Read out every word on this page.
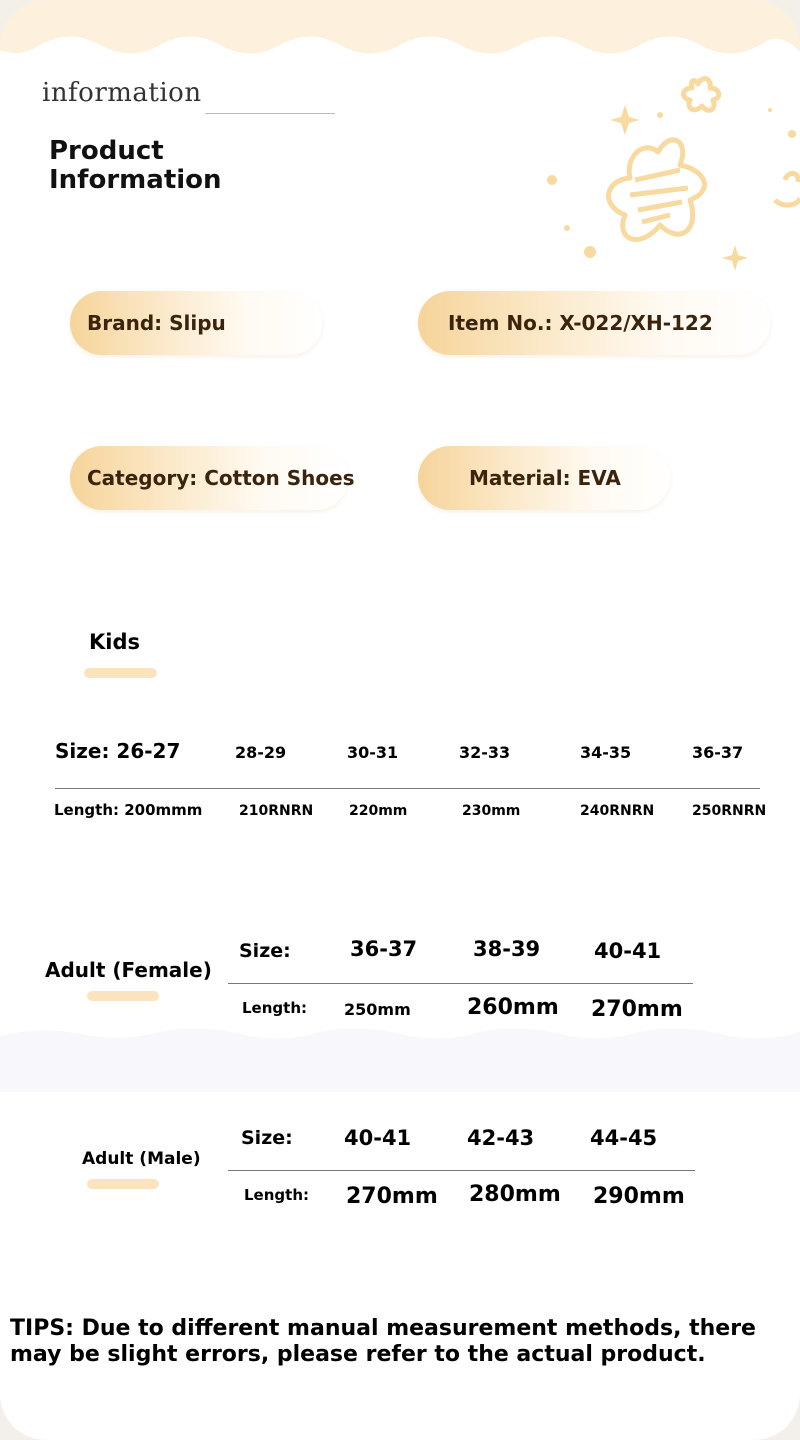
information
Product Information
Brand: Slipu	Item No.: X-022/XH-122
Category: Cotton Shoes	Material: EVA
Kids
Size: 26-27	28-29	30-31	32-33	34-35	36-37
Length: 200mmm	210RNRN	220mm	230mm	240RNRN	250RNRN
Adult (Female)
Size:	36-37	38-39	40-41
Length: 250mm	260mm 270mm
Adult (Male)
Size: 40-41	42-43	44-45
Length: 270mm 280mm 290mm
TIPS: Due to different manual measurement methods, there may be slight errors, please refer to the actual product.
